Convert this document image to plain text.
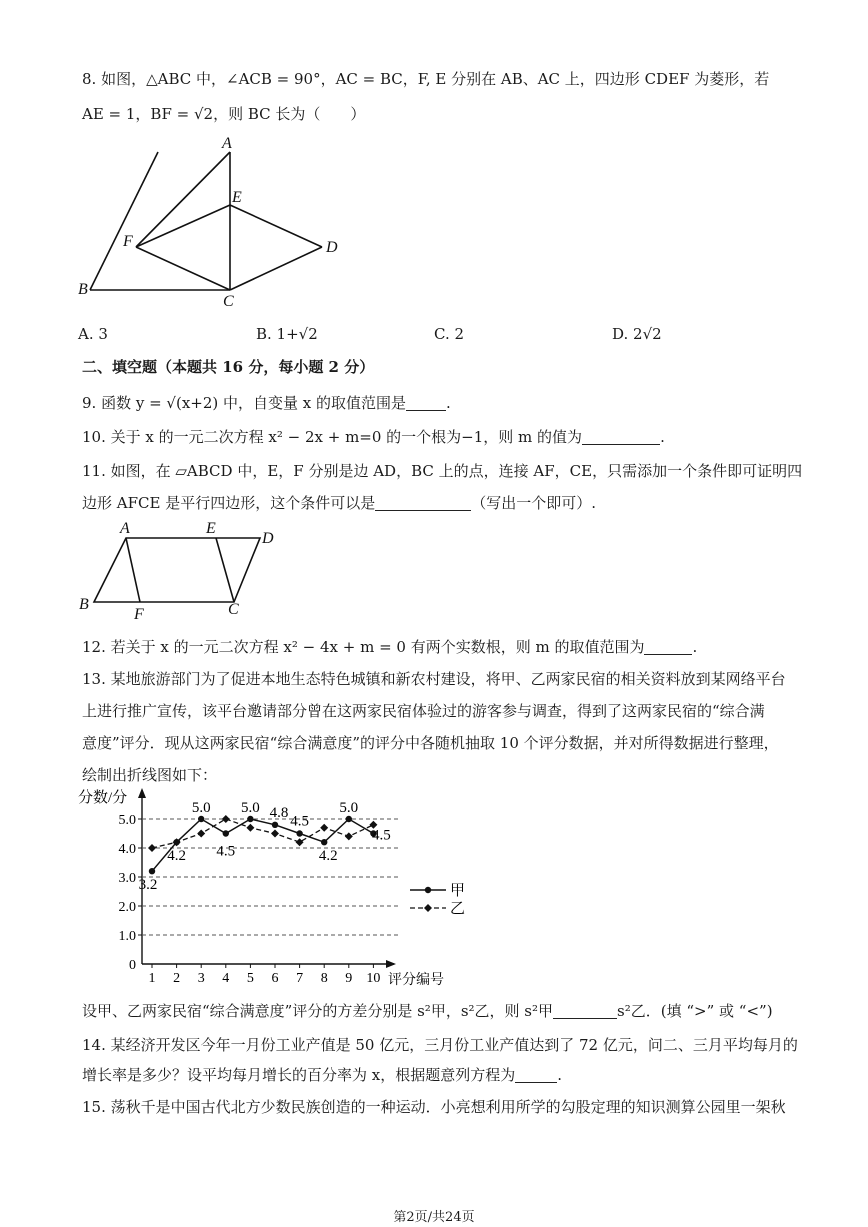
8. 如图，△ABC 中，∠ACB = 90°，AC = BC，F, E 分别在 AB、AC 上，四边形 CDEF 为菱形，若
AE = 1，BF = √2，则 BC 长为（　　）
A
E
F	D
B
C
A. 3	B. 1+√2	C. 2	D. 2√2
二、填空题（本题共 16 分，每小题 2 分）
9. 函数 y = √(x+2) 中，自变量 x 的取值范围是	.
10. 关于 x 的一元二次方程 x² − 2x + m=0 的一个根为−1，则 m 的值为	.
11. 如图，在 ▱ABCD 中，E，F 分别是边 AD，BC 上的点，连接 AF，CE，只需添加一个条件即可证明四
边形 AFCE 是平行四边形，这个条件可以是	（写出一个即可）.
A	E
D
B
F	C
12. 若关于 x 的一元二次方程 x² − 4x + m = 0 有两个实数根，则 m 的取值范围为	.
13. 某地旅游部门为了促进本地生态特色城镇和新农村建设，将甲、乙两家民宿的相关资料放到某网络平台
上进行推广宣传，该平台邀请部分曾在这两家民宿体验过的游客参与调查，得到了这两家民宿的“综合满
意度”评分．现从这两家民宿“综合满意度”的评分中各随机抽取 10 个评分数据，并对所得数据进行整理，
绘制出折线图如下：
0
1.0
2.0
3.0
4.0
5.0
1 2 3 4 5 6 7 8 9 10
分数/分
评分编号
3.2
4.2
5.0
4.5
5.0 4.8
4.5
4.2
5.0
4.5
甲
乙
设甲、乙两家民宿“综合满意度”评分的方差分别是 s²甲，s²乙，则 s²甲	s²乙．(填 “>” 或 “<”)
14. 某经济开发区今年一月份工业产值是 50 亿元，三月份工业产值达到了 72 亿元，问二、三月平均每月的
增长率是多少？设平均每月增长的百分率为 x，根据题意列方程为	.
15. 荡秋千是中国古代北方少数民族创造的一种运动．小亮想利用所学的勾股定理的知识测算公园里一架秋
第2页/共24页
